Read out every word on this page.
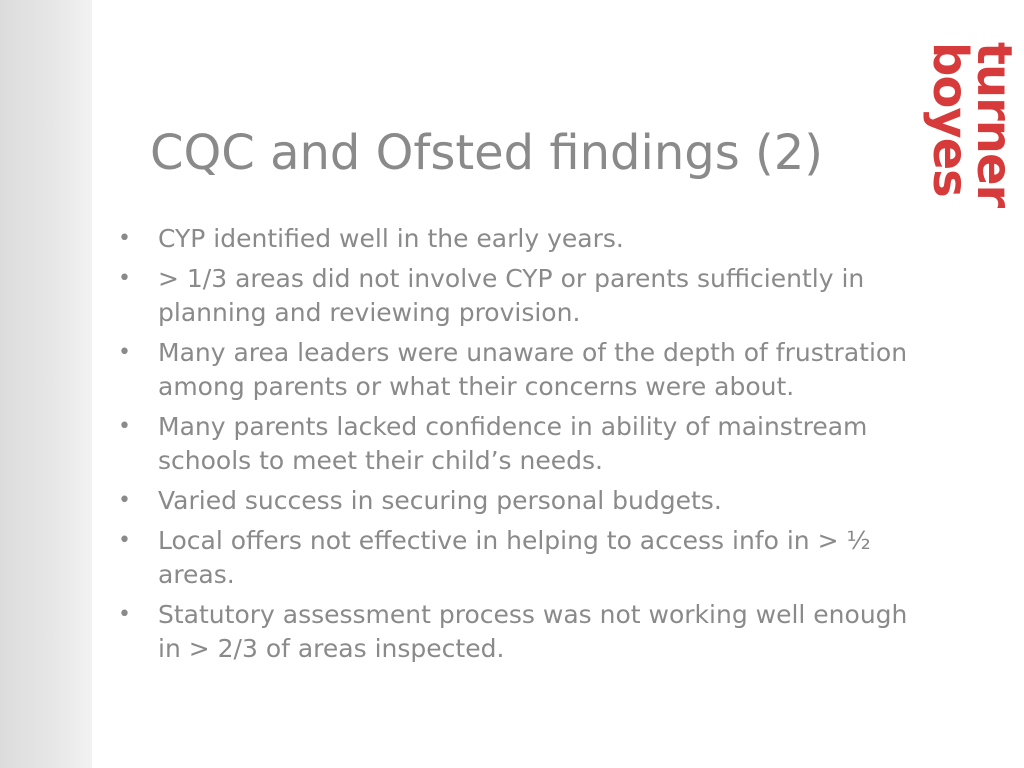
turner
boyes
CQC and Ofsted findings (2)
• CYP identified well in the early years.
• > 1/3 areas did not involve CYP or parents sufficiently in planning and reviewing provision.
• Many area leaders were unaware of the depth of frustration among parents or what their concerns were about.
• Many parents lacked confidence in ability of mainstream schools to meet their child’s needs.
• Varied success in securing personal budgets.
• Local offers not effective in helping to access info in > ½ areas.
• Statutory assessment process was not working well enough in > 2/3 of areas inspected.
